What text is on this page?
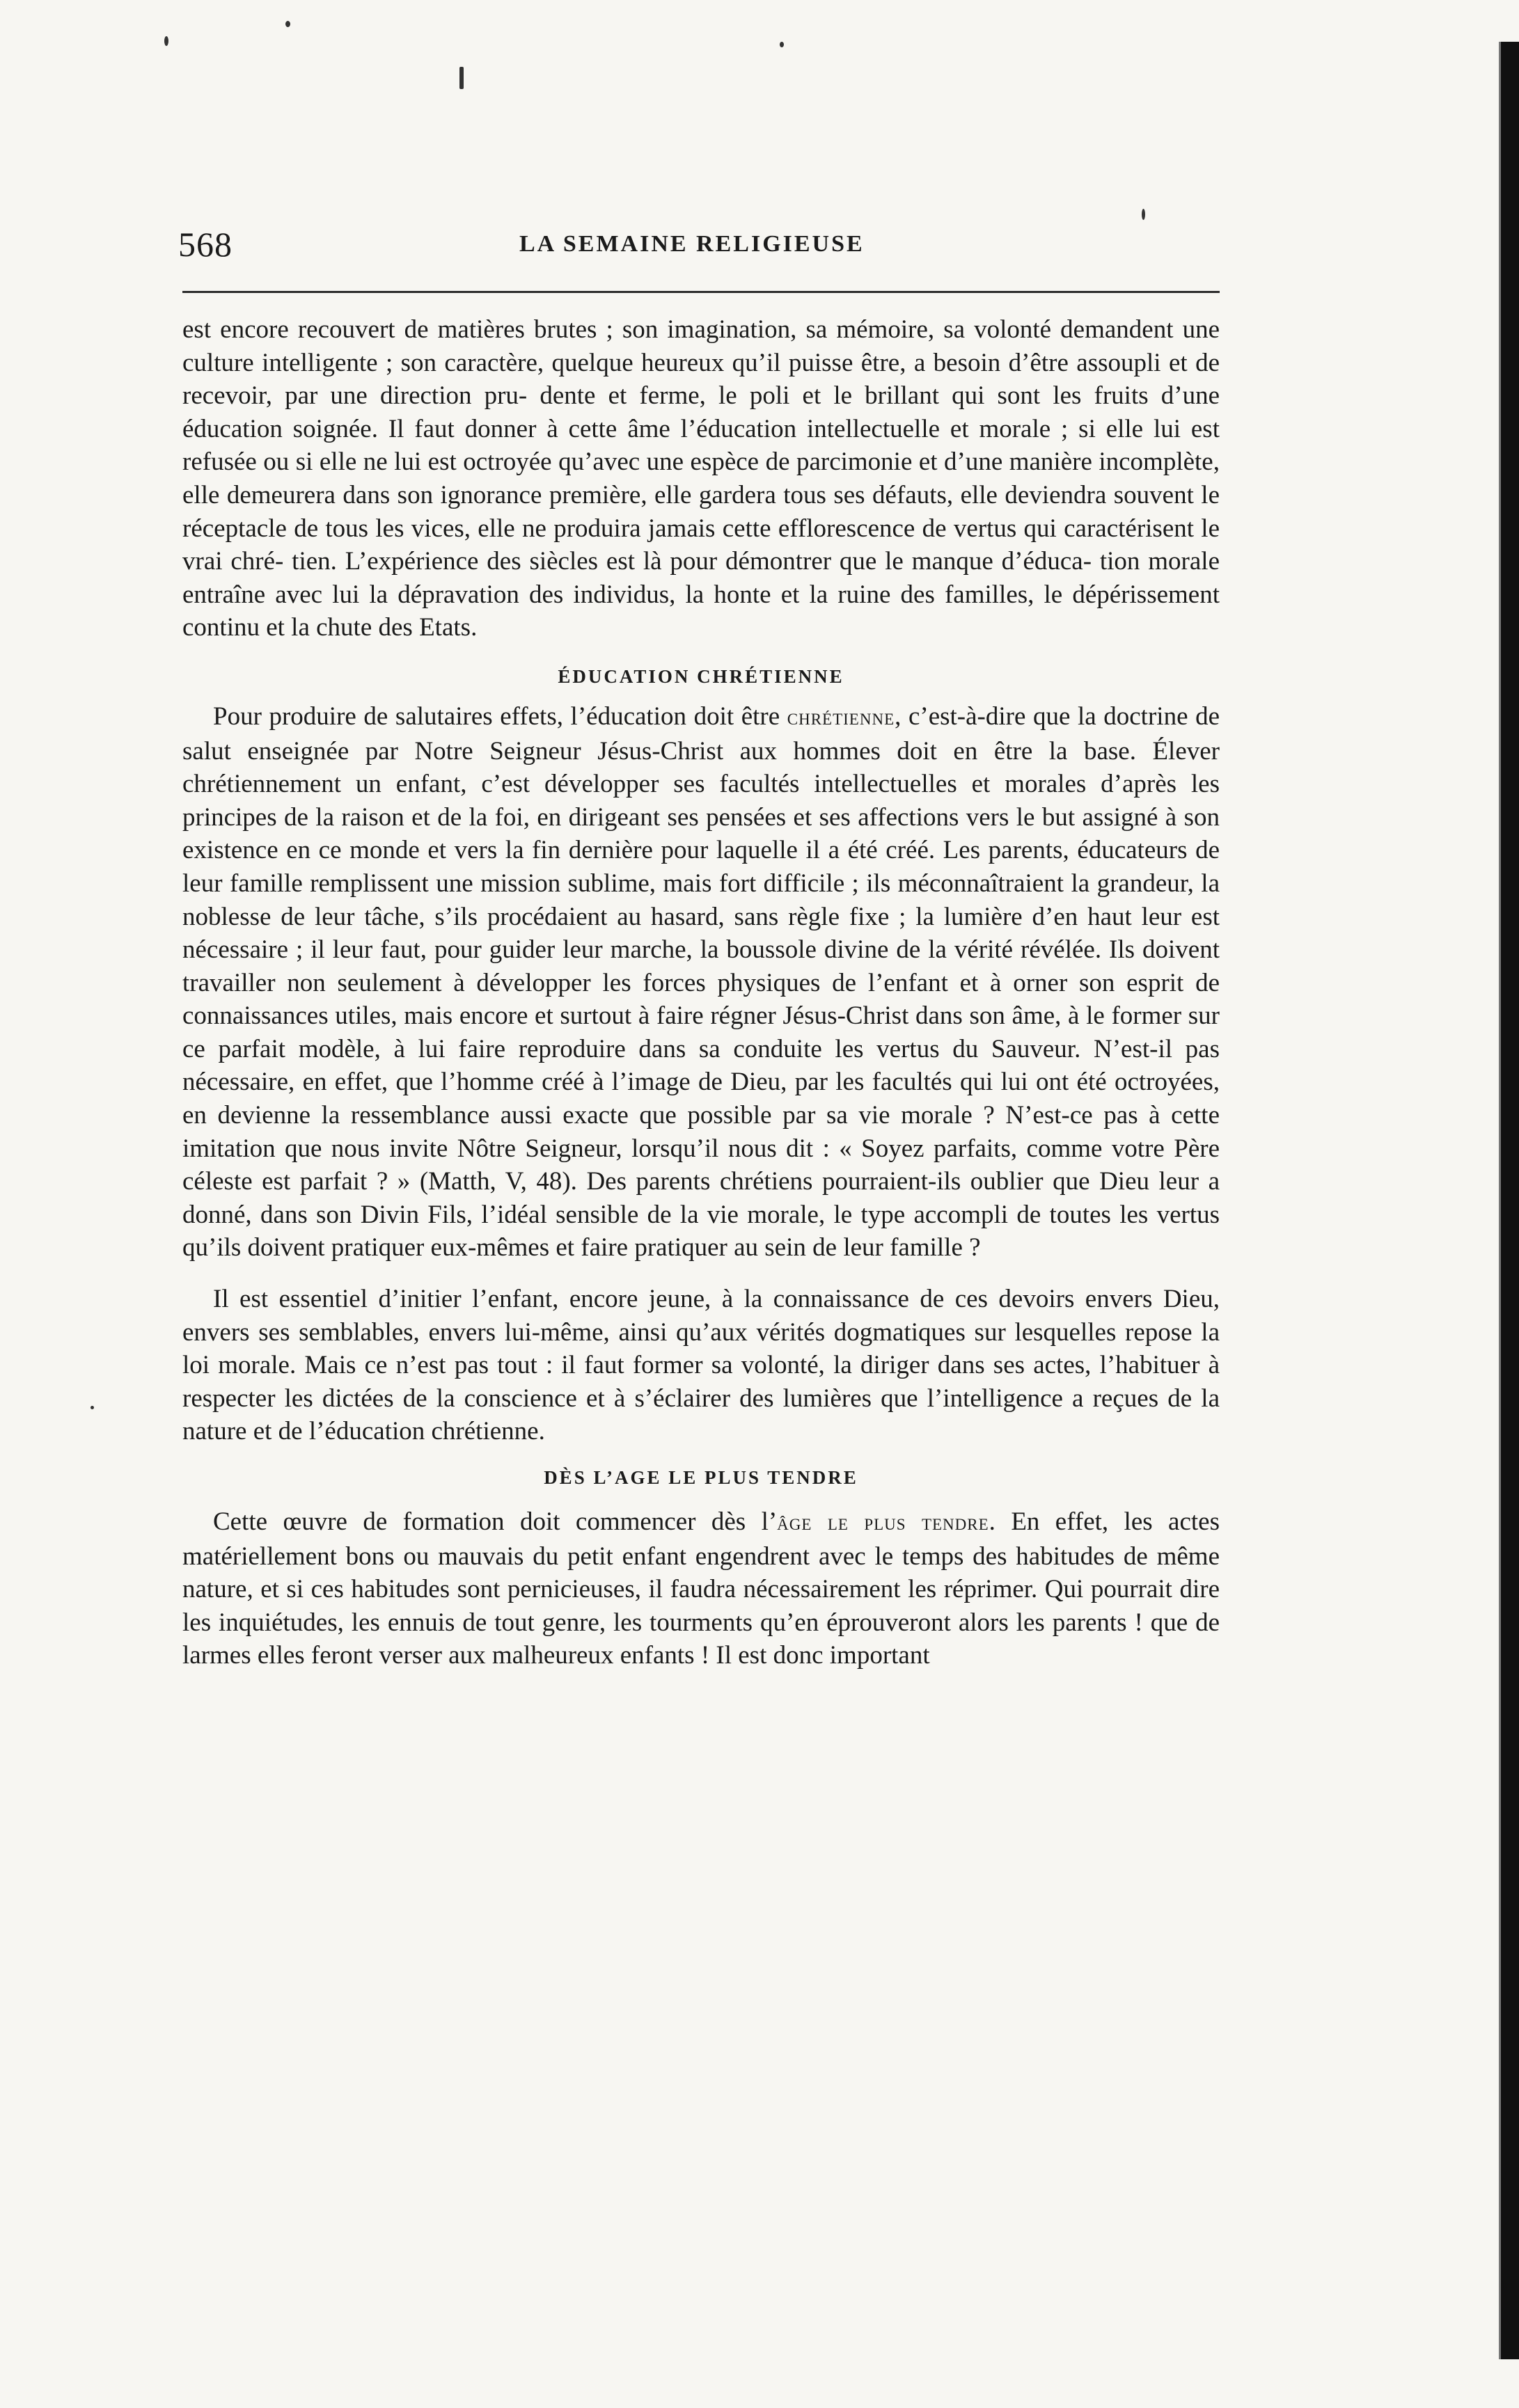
568	LA SEMAINE RELIGIEUSE

est encore recouvert de matières brutes ; son imagination, sa mémoire, sa volonté demandent une culture intelligente ; son caractère, quelque heureux qu’il puisse être, a besoin d’être assoupli et de recevoir, par une direction pru- dente et ferme, le poli et le brillant qui sont les fruits d’une éducation soignée. Il faut donner à cette âme l’éducation intellectuelle et morale ; si elle lui est refusée ou si elle ne lui est octroyée qu’avec une espèce de parcimonie et d’une manière incomplète, elle demeurera dans son ignorance première, elle gardera tous ses défauts, elle deviendra souvent le réceptacle de tous les vices, elle ne produira jamais cette efflorescence de vertus qui caractérisent le vrai chré- tien. L’expérience des siècles est là pour démontrer que le manque d’éduca- tion morale entraîne avec lui la dépravation des individus, la honte et la ruine des familles, le dépérissement continu et la chute des Etats.

ÉDUCATION CHRÉTIENNE

Pour produire de salutaires effets, l’éducation doit être chrétienne, c’est-à-dire que la doctrine de salut enseignée par Notre Seigneur Jésus-Christ aux hommes doit en être la base. Élever chrétiennement un enfant, c’est développer ses facultés intellectuelles et morales d’après les principes de la raison et de la foi, en dirigeant ses pensées et ses affections vers le but assigné à son existence en ce monde et vers la fin dernière pour laquelle il a été créé. Les parents, éducateurs de leur famille remplissent une mission sublime, mais fort difficile ; ils méconnaîtraient la grandeur, la noblesse de leur tâche, s’ils procédaient au hasard, sans règle fixe ; la lumière d’en haut leur est nécessaire ; il leur faut, pour guider leur marche, la boussole divine de la vérité révélée. Ils doivent travailler non seulement à développer les forces physiques de l’enfant et à orner son esprit de connaissances utiles, mais encore et surtout à faire régner Jésus-Christ dans son âme, à le former sur ce parfait modèle, à lui faire reproduire dans sa conduite les vertus du Sauveur. N’est-il pas nécessaire, en effet, que l’homme créé à l’image de Dieu, par les facultés qui lui ont été octroyées, en devienne la ressemblance aussi exacte que possible par sa vie morale ? N’est-ce pas à cette imitation que nous invite Nôtre Seigneur, lorsqu’il nous dit : « Soyez parfaits, comme votre Père céleste est parfait ? » (Matth, V, 48). Des parents chrétiens pourraient-ils oublier que Dieu leur a donné, dans son Divin Fils, l’idéal sensible de la vie morale, le type accompli de toutes les vertus qu’ils doivent pratiquer eux-mêmes et faire pratiquer au sein de leur famille ?

Il est essentiel d’initier l’enfant, encore jeune, à la connaissance de ces devoirs envers Dieu, envers ses semblables, envers lui-même, ainsi qu’aux vérités dogmatiques sur lesquelles repose la loi morale. Mais ce n’est pas tout : il faut former sa volonté, la diriger dans ses actes, l’habituer à respecter les dictées de la conscience et à s’éclairer des lumières que l’intelligence a reçues de la nature et de l’éducation chrétienne.

DÈS L’AGE LE PLUS TENDRE

Cette œuvre de formation doit commencer dès l’âge le plus tendre. En effet, les actes matériellement bons ou mauvais du petit enfant engendrent avec le temps des habitudes de même nature, et si ces habitudes sont pernicieuses, il faudra nécessairement les réprimer. Qui pourrait dire les inquiétudes, les ennuis de tout genre, les tourments qu’en éprouveront alors les parents ! que de larmes elles feront verser aux malheureux enfants ! Il est donc important
